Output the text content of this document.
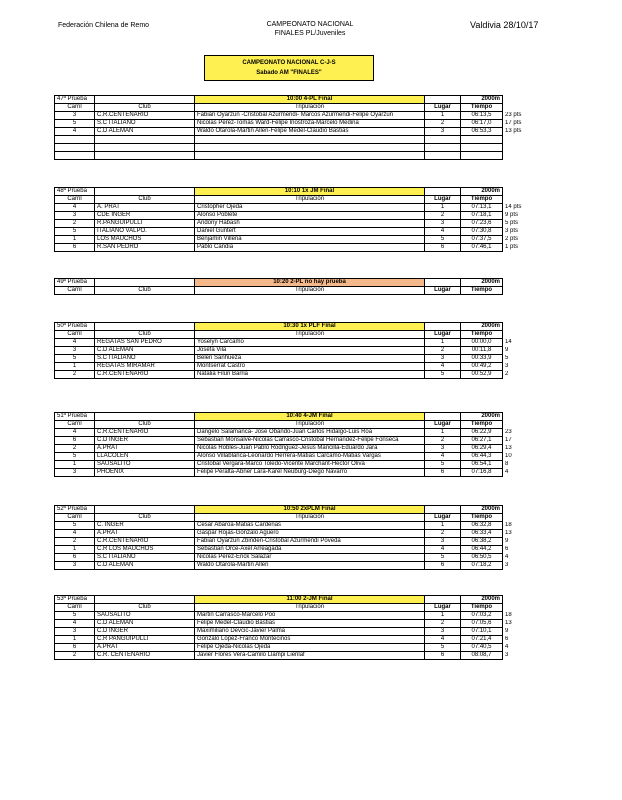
Federación Chilena de Remo	CAMPEONATO NACIONAL
FINALES PL/Juveniles
Valdivia 28/10/17
CAMPEONATO NACIONAL C-J-S
Sabado AM "FINALES"
47ª Prueba		10:00 4-PL Final		2000m	
Carril	Club	Tripulación	Lugar	Tiempo	
3	C.R.CENTENARIO	Fabian Oyarzun -Cristobal Azurmendi- Marcos Azurmendi-Felipe Oyarzun	1	06:13,5	23 pts
5	S.C ITALIANO	Nicolas Perez-Tomas Ward-Felipe Inostroza-Marcelo Medina	2	06:17,0	17 pts
4	C.D ALEMAN	Waldo Otarola-Martin Allen-Felipe Medel-Claudio Bastias	3	06:53,3	13 pts

48ª Prueba		10:10 1x JM Final		2000m	
Carril	Club	Tripulación	Lugar	Tiempo	
4	A. PRAT	Cristopher Ojeda	1	07:13,1	14 pts
3	CDE INGER	Alonso Poblete	2	07:18,1	9 pts
2	R.PANGUIPULLI	Andony Habash	3	07:23,6	5 pts
5	ITALIANO VALPO.	Daniel Guntert	4	07:30,8	3 pts
1	LOS MAUCHOS	Benjamin Villena	5	07:37,5	2 pts
6	R.SAN PEDRO	Pablo Candia	6	07:46,1	1 pts
49ª Prueba		10:20 2-PL no hay prueba		2000m	
Carril	Club	Tripulación	Lugar	Tiempo	
50ª Prueba		10:30 1x PLF Final		2000m	
Carril	Club	Tripulación	Lugar	Tiempo	
4	REGATAS SAN PEDRO	Yoselyn Carcamo	1	00:00,0	14
3	C.D ALEMAN	Josefa Vila	2	00:11,8	9
5	S.C ITALIANO	Belen Sanhueza	3	00:33,9	5
1	REGATAS MIRAMAR	Montserrat Castro	4	00:49,2	3
2	C.R.CENTENARIO	Natalia Filun Barria	5	00:52,9	2
51ª Prueba		10:40 4-JM Final		2000m	
Carril	Club	Tripulación	Lugar	Tiempo	
4	C.R.CENTENARIO	Dangelo Salamanca- Jose Obando-Juan Carlos Hidalgo-Luis Roa	1	06:22,9	23
6	C.D INGER	Sebastian Monsalve-Nicolas Carrasco-Cristobal Hernandez-Felipe Fonseca	2	06:27,1	17
2	A.PRAT	Nicolas Robles-Juan Pablo Rodriguez-Jesus Mancilla-Eduardo Jara	3	06:29,4	13
5	LLACOLEN	Alonso Villablanca-Leonardo Herrera-Matias Carcamo-Matias Vargas	4	06:44,3	10
1	SAUSALITO	Cristobal Vergara-Marco Toledo-Vicente Marchant-Hector Oliva	5	06:54,1	8
3	PHOENIX	Felipe Peralta-Abner Lara-Karel Neuburg-Diego Navarro	6	07:16,8	4
52ª Prueba		10:50 2xPLM Final		2000m	
Carril	Club	Tripulación	Lugar	Tiempo	
5	C. INGER	Cesar Abaroa-Matias Cardenas	1	06:32,8	18
4	A.PRAT	Gaspar Rojas-Gonzalo Agüero	2	06:33,4	13
2	C.R.CENTENARIO	Fabian Oyarzun Zbinden-Cristobal Azurmendi Poveda	3	06:38,2	9
1	C.R LOS MAUCHOS	Sebastian Orce-Axel Arreagada	4	06:44,2	6
6	S.C ITALIANO	Nicolas Perez-Erick Salazar	5	06:50,5	4
3	C.D ALEMAN	Waldo Otarola-Martin Allen	6	07:18,2	3
53ª Prueba		11:00 2-JM Final		2000m	
Carril	Club	Tripulación	Lugar	Tiempo	
5	SAUSALITO	Martin Carrasco-Marcelo Poo	1	07:03,2	18
4	C.D ALEMAN	Felipe Medel-Claudio Bastias	2	07:05,6	13
3	C.D INGER	Maximiliano Devcic-Javier Palma	3	07:10,1	9
1	C.R PANGUIPULLI	Gonzalo Lopez-Franco Montecinos	4	07:21,4	6
6	A.PRAT	Felipe Ojeda-Nicolas Ojeda	5	07:40,5	4
2	C.R. CENTENARIO	Javier Flores Vera-Camilo Llampi Lienlaf	6	08:08,7	3
